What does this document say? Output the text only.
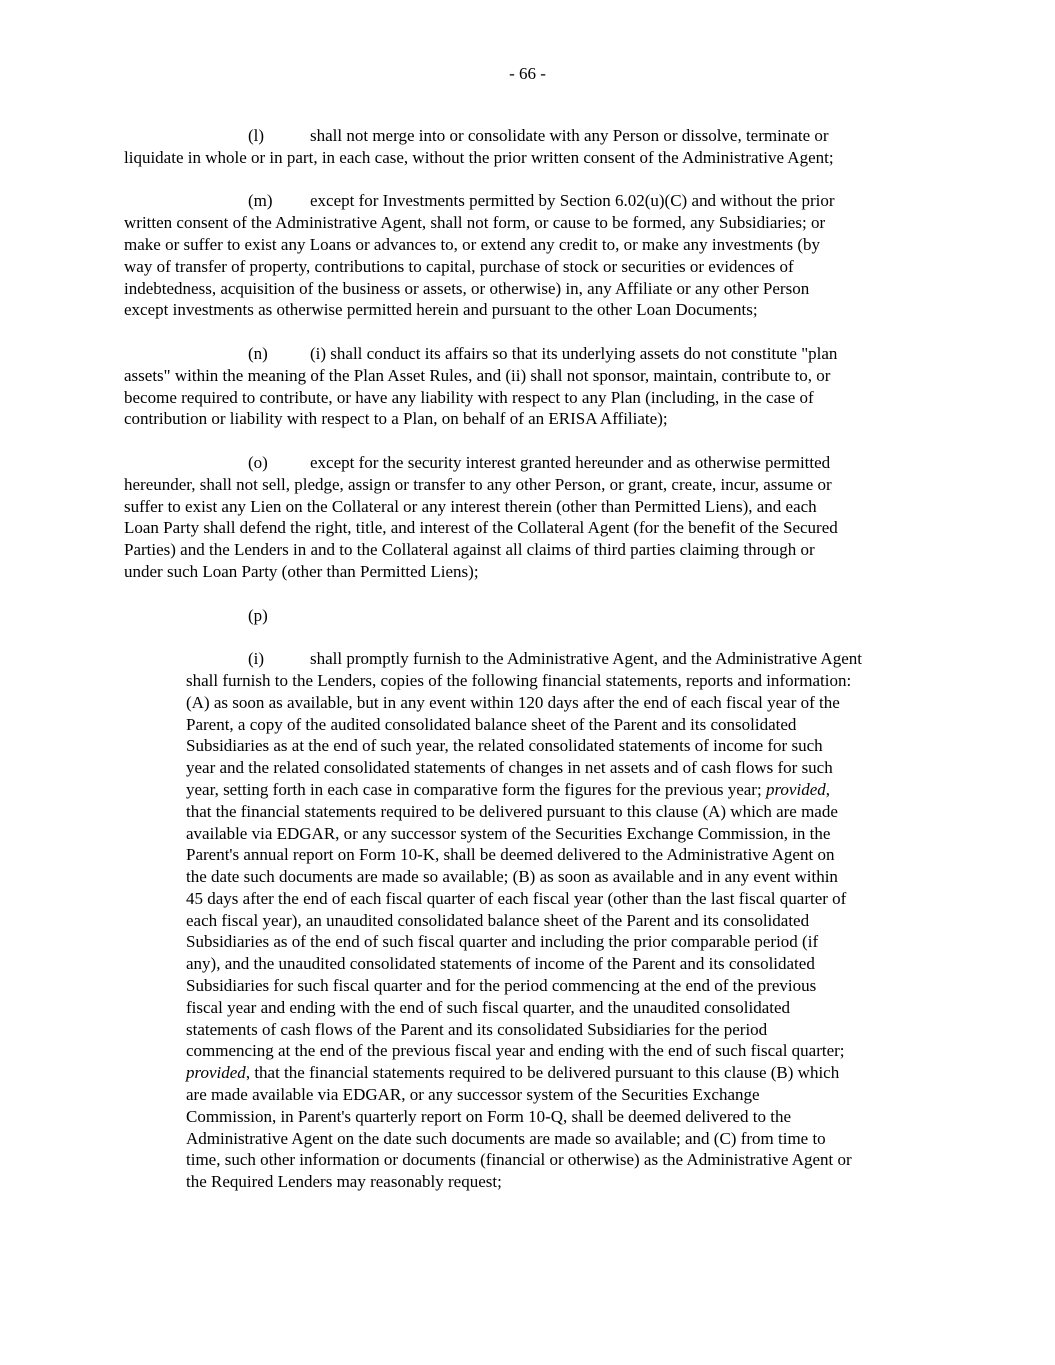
- 66 -
(l)	shall not merge into or consolidate with any Person or dissolve, terminate or
liquidate in whole or in part, in each case, without the prior written consent of the Administrative Agent;
(m) except for Investments permitted by Section 6.02(u)(C) and without the prior
written consent of the Administrative Agent, shall not form, or cause to be formed, any Subsidiaries; or
make or suffer to exist any Loans or advances to, or extend any credit to, or make any investments (by
way of transfer of property, contributions to capital, purchase of stock or securities or evidences of
indebtedness, acquisition of the business or assets, or otherwise) in, any Affiliate or any other Person
except investments as otherwise permitted herein and pursuant to the other Loan Documents;
(n) (i) shall conduct its affairs so that its underlying assets do not constitute "plan
assets" within the meaning of the Plan Asset Rules, and (ii) shall not sponsor, maintain, contribute to, or
become required to contribute, or have any liability with respect to any Plan (including, in the case of
contribution or liability with respect to a Plan, on behalf of an ERISA Affiliate);
(o) except for the security interest granted hereunder and as otherwise permitted
hereunder, shall not sell, pledge, assign or transfer to any other Person, or grant, create, incur, assume or
suffer to exist any Lien on the Collateral or any interest therein (other than Permitted Liens), and each
Loan Party shall defend the right, title, and interest of the Collateral Agent (for the benefit of the Secured
Parties) and the Lenders in and to the Collateral against all claims of third parties claiming through or
under such Loan Party (other than Permitted Liens);
(p)
(i)	shall promptly furnish to the Administrative Agent, and the Administrative Agent
shall furnish to the Lenders, copies of the following financial statements, reports and information:
(A) as soon as available, but in any event within 120 days after the end of each fiscal year of the
Parent, a copy of the audited consolidated balance sheet of the Parent and its consolidated
Subsidiaries as at the end of such year, the related consolidated statements of income for such
year and the related consolidated statements of changes in net assets and of cash flows for such
year, setting forth in each case in comparative form the figures for the previous year; provided,
that the financial statements required to be delivered pursuant to this clause (A) which are made
available via EDGAR, or any successor system of the Securities Exchange Commission, in the
Parent's annual report on Form 10-K, shall be deemed delivered to the Administrative Agent on
the date such documents are made so available; (B) as soon as available and in any event within
45 days after the end of each fiscal quarter of each fiscal year (other than the last fiscal quarter of
each fiscal year), an unaudited consolidated balance sheet of the Parent and its consolidated
Subsidiaries as of the end of such fiscal quarter and including the prior comparable period (if
any), and the unaudited consolidated statements of income of the Parent and its consolidated
Subsidiaries for such fiscal quarter and for the period commencing at the end of the previous
fiscal year and ending with the end of such fiscal quarter, and the unaudited consolidated
statements of cash flows of the Parent and its consolidated Subsidiaries for the period
commencing at the end of the previous fiscal year and ending with the end of such fiscal quarter;
provided, that the financial statements required to be delivered pursuant to this clause (B) which
are made available via EDGAR, or any successor system of the Securities Exchange
Commission, in Parent's quarterly report on Form 10-Q, shall be deemed delivered to the
Administrative Agent on the date such documents are made so available; and (C) from time to
time, such other information or documents (financial or otherwise) as the Administrative Agent or
the Required Lenders may reasonably request;
